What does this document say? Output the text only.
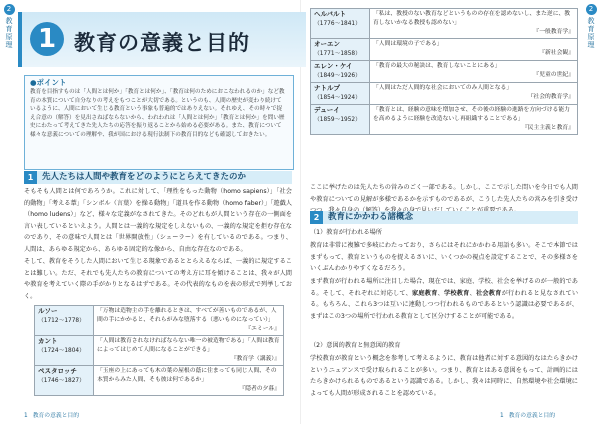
2
教育原理
2
教育原理
1 教育の意義と目的
●ポイント
教育を目指すものは「人間とは何か」「教育とは何か」、「教育は何のためにおこなわれるのか」など教育の本質について自分なりの考えをもつことが大切である。というのも、人間の歴史が変わり続けているように、人間において生じる教育という事象も普遍的ではありえない。それゆえ、その時々で捉え合意の（解答）を見出さねばならないから、われわれは「人間とは何か」「教育とは何か」を問い歴史にわたって考えてきた先人たちの応答を振り返ることから始める必要がある。また、教育について様々な意義についての理解や、我が国における現行法制下の教育目的なども確認しておきたい。
1	先人たちは人間や教育をどのようにとらえてきたのか
そもそも人間とは何であろうか。これに対して、「理性をもった動物（homo sapiens）」「社会的動物」「考える葦」「シンボル（言葉）を操る動物」「道具を作る動物（homo faber）」「遊戯人（homo ludens）」など、様々な定義がなされてきた。そのどれもが人間という存在の一側面を言い表しているといえよう。人間とは一義的な規定をしえないもの、一義的な規定を拒む存在なのであり、その意味で人間とは「世界開放性」（シェーラー）を有しているのである。つまり、人間は、あらゆる規定から、あらゆる固定的な像から、自由な存在なのである。
そして、教育をそうした人間において生じる現象であるととらえるならば、一義的に規定することは難しい。ただ、それでも先人たちの教育についての考え方に耳を傾けることは、我々が人間や教育を考えていく際の手がかりとなるはずである。その代表的なものを表の形式で列挙しておく。
ルソー
（1712～1778）	「万物は造物主の手を離れるときは、すべてが善いものであるが、人間の手にかかると、それらがみな堕落する（悪いものになってい）」
『エミール』

カント
（1724～1804）	「人間は教育されなければならない唯一の被造物である」「人間は教育によってはじめて人間になることができる」
『教育学（講義）』

ペスタロッチ
（1746～1827）	「玉座の上にあっても木の葉の屋根の蔭に住まっても同じ人間、その本質からみた人間、そも彼は何であるか」
『隠者の夕暮』
1 教育の意義と目的
ヘルバルト
（1776～1841）	「私は、教授のない教育などというものの存在を認めないし、また逆に、教育しないかなる教授も認めない」
『一般教育学』

オーエン
（1771～1858）	「人間は環境の子である」
『新社会観』

エレン・ケイ
（1849～1926）	「教育の最大の秘訣は、教育しないことにある」
『児童の世紀』

ナトルプ
（1854～1924）	「人間はただ人間的な社会においてのみ人間となる」
『社会的教育学』

デューイ
（1859～1952）	「教育とは、経験の意味を増加させ、その後の経験の進路を方向づける能力を高めるように経験を改造ないし再組織することである」
『民主主義と教育』
ここに挙げたのは先人たちの営みのごく一部である。しかし、ここで示した問いを今日でも人間や教育についての見解が多様であるかを示すものであるが、こうした先人たちの営みを引き受け
2	教育にかかわる諸概念
（1）教育が行われる場所
教育は非常に複雑で多岐にわたっており、さらにはそれにかかわる用語も多い。そこで本節ではまずもって、教育というものを捉えるさいに、いくつかの視点を設定することで、その多様さをいくぶんわかりやすくなるだろう。
まず教育が行われる場所に注目した場合、現在では、家庭、学校、社会を挙げるのが一般的である。そして、それぞれに対応して、家庭教育、学校教育、社会教育が行われると見なされている。もちろん、これら3つは互いに連動しつつ行われるものであるという認識は必要であるが、まずはこの3つの場所で行われる教育として区分けすることが可能である。
（2）意図的教育と無意図的教育
学校教育が教育という概念を参考して考えるように、教育は他者に対する意図的なはたらきかけというニュアンスで受け取られることが多い。つまり、教育とはある意図をもって、計画的にはたらきかけられるものであるという認識である。しかし、我々は同時に、自然環境や社会環境によっても人間が形成されることを認めている。
1 教育の意義と目的
